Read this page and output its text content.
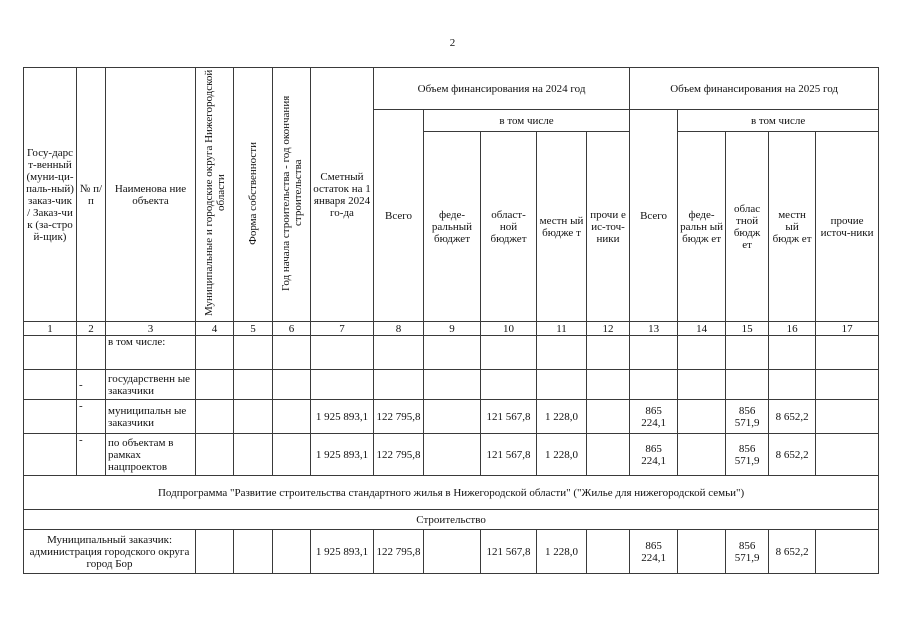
2
Госу-дарст-венный (муни-ци-паль-ный) заказ-чик / Заказ-чик (за-строй-щик)	№ п/п	Наименова ние объекта	Муниципальные и городские округа Нижегородской области	Форма собственности	Год начала строительства - год окончания строительства	Сметный остаток на 1 января 2024 го-да	Объем финансирования на 2024 год					Объем финансирования на 2025 год				
							Всего	в том числе				Всего	в том числе			
								феде-ральный бюджет	област-ной бюджет	местн ый бюдже т	прочи е ис-точ-ники		феде-ральн ый бюдж ет	облас тной бюдж ет	местн ый бюдж ет	прочие источ-ники
1	2	3	4	5	6	7	8	9	10	11	12	13	14	15	16	17
		в том числе:														
	-	государственн ые заказчики														
	-	муниципальн ые заказчики				1 925 893,1	122 795,8		121 567,8	1 228,0		865 224,1		856 571,9	8 652,2	
	-	по объектам в рамках нацпроектов				1 925 893,1	122 795,8		121 567,8	1 228,0		865 224,1		856 571,9	8 652,2	
Подпрограмма "Развитие строительства стандартного жилья в Нижегородской области" ("Жилье для нижегородской семьи")																
Строительство																
Муниципальный заказчик: администрация городского округа город Бор						1 925 893,1	122 795,8		121 567,8	1 228,0		865 224,1		856 571,9	8 652,2	
